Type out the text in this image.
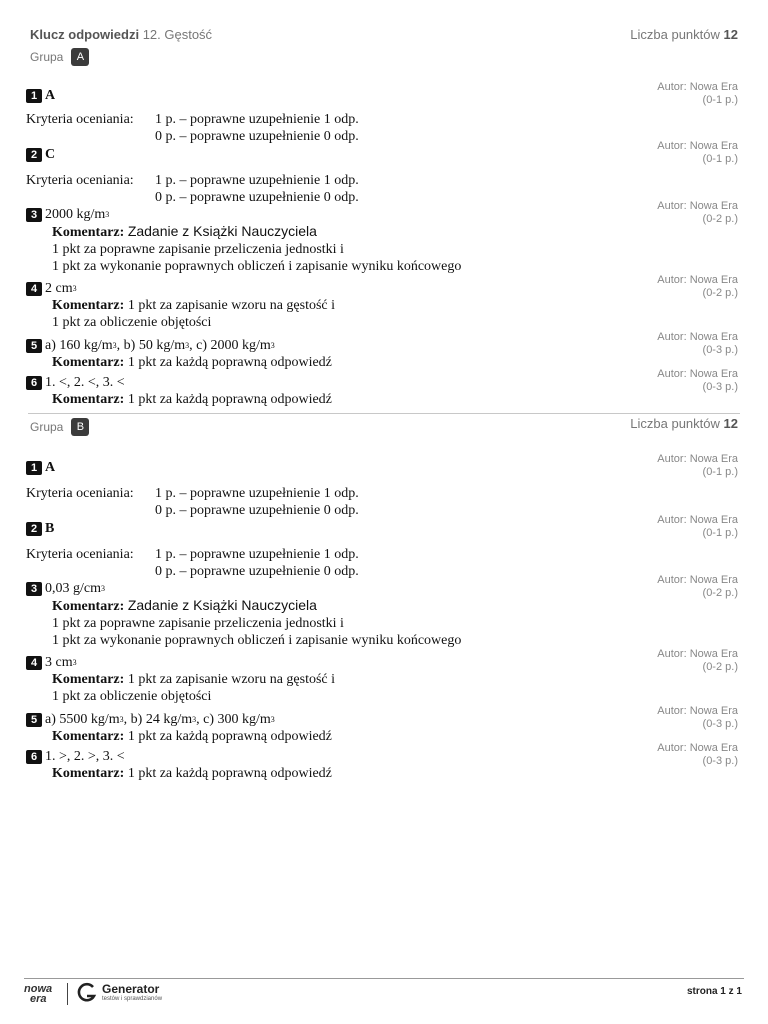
Klucz odpowiedzi 12. Gęstość	Liczba punktów 12
Grupa	A
Autor: Nowa Era
(0-1 p.)
1 A
Kryteria oceniania:	1 p. – poprawne uzupełnienie 1 odp.
0 p. – poprawne uzupełnienie 0 odp.
Autor: Nowa Era
(0-1 p.)
2 C
Kryteria oceniania:	1 p. – poprawne uzupełnienie 1 odp.
0 p. – poprawne uzupełnienie 0 odp.
Autor: Nowa Era
(0-2 p.)
3 2000 kg/m 3
Komentarz: Zadanie z Książki Nauczyciela
1 pkt za poprawne zapisanie przeliczenia jednostki i
1 pkt za wykonanie poprawnych obliczeń i zapisanie wyniku końcowego
Autor: Nowa Era
(0-2 p.)
4 2 cm 3
Komentarz: 1 pkt za zapisanie wzoru na gęstość i
1 pkt za obliczenie objętości
Autor: Nowa Era
(0-3 p.)
5 a) 160 kg/m 3 , b) 50 kg/m 3 , c) 2000 kg/m 3
Komentarz: 1 pkt za każdą poprawną odpowiedź
Autor: Nowa Era
(0-3 p.)
6 1. <, 2. <, 3. <
Komentarz: 1 pkt za każdą poprawną odpowiedź
Grupa	B	Liczba punktów 12
Autor: Nowa Era
(0-1 p.)
1 A
Kryteria oceniania:	1 p. – poprawne uzupełnienie 1 odp.
0 p. – poprawne uzupełnienie 0 odp.
Autor: Nowa Era
(0-1 p.)
2 B
Kryteria oceniania:	1 p. – poprawne uzupełnienie 1 odp.
0 p. – poprawne uzupełnienie 0 odp.
Autor: Nowa Era
(0-2 p.)
3 0,03 g/cm 3
Komentarz: Zadanie z Książki Nauczyciela
1 pkt za poprawne zapisanie przeliczenia jednostki i
1 pkt za wykonanie poprawnych obliczeń i zapisanie wyniku końcowego
Autor: Nowa Era
(0-2 p.)
4 3 cm 3
Komentarz: 1 pkt za zapisanie wzoru na gęstość i
1 pkt za obliczenie objętości
Autor: Nowa Era
(0-3 p.)
5 a) 5500 kg/m 3 , b) 24 kg/m 3 , c) 300 kg/m 3
Komentarz: 1 pkt za każdą poprawną odpowiedź
Autor: Nowa Era
(0-3 p.)
6 1. >, 2. >, 3. <
Komentarz: 1 pkt za każdą poprawną odpowiedź
nowa
era
Generator
testów i sprawdzianów
strona 1 z 1
